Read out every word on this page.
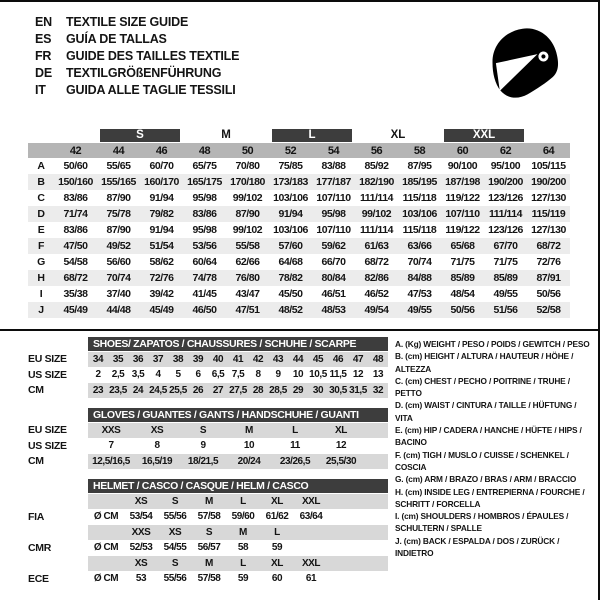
EN	TEXTILE SIZE GUIDE
ES	GUÍA DE TALLAS
FR	GUIDE DES TAILLES TEXTILE
DE	TEXTILGRÖßENFÜHRUNG
IT	GUIDA ALLE TAGLIE TESSILI

		S		M		L		XL		XXL		

	42	44	46	48	50	52	54	56	58	60	62	64
A	50/60	55/65	60/70	65/75	70/80	75/85	83/88	85/92	87/95	90/100	95/100	105/115
B	150/160	155/165	160/170	165/175	170/180	173/183	177/187	182/190	185/195	187/198	190/200	190/200
C	83/86	87/90	91/94	95/98	99/102	103/106	107/110	111/114	115/118	119/122	123/126	127/130
D	71/74	75/78	79/82	83/86	87/90	91/94	95/98	99/102	103/106	107/110	111/114	115/119
E	83/86	87/90	91/94	95/98	99/102	103/106	107/110	111/114	115/118	119/122	123/126	127/130
F	47/50	49/52	51/54	53/56	55/58	57/60	59/62	61/63	63/66	65/68	67/70	68/72
G	54/58	56/60	58/62	60/64	62/66	64/68	66/70	68/72	70/74	71/75	71/75	72/76
H	68/72	70/74	72/76	74/78	76/80	78/82	80/84	82/86	84/88	85/89	85/89	87/91
I	35/38	37/40	39/42	41/45	43/47	45/50	46/51	46/52	47/53	48/54	49/55	50/56
J	45/49	44/48	45/49	46/50	47/51	48/52	48/53	49/54	49/55	50/56	51/56	52/58

	SHOES/ ZAPATOS / CHAUSSURES / SCHUHE / SCARPE														

EU SIZE	34	35	36	37	38	39	40	41	42	43	44	45	46	47	48
US SIZE	2	2,5	3,5	4	5	6	6,5	7,5	8	9	10	10,5	11,5	12	13
CM	23	23,5	24	24,5	25,5	26	27	27,5	28	28,5	29	30	30,5	31,5	32

	GLOVES / GUANTES / GANTS / HANDSCHUHE / GUANTI						

EU SIZE	XXS	XS	S	M	L	XL	
US SIZE	7	8	9	10	11	12	
CM	12,5/16,5	16,5/19	18/21,5	20/24	23/26,5	25,5/30	

	HELMET / CASCO / CASQUE / HELM / CASCO							

		XS	S	M	L	XL	XXL	
FIA	Ø CM	53/54	55/56	57/58	59/60	61/62	63/64	
		XXS	XS	S	M	L		
CMR	Ø CM	52/53	54/55	56/57	58	59		
		XS	S	M	L	XL	XXL	
ECE	Ø CM	53	55/56	57/58	59	60	61	
A. (Kg) WEIGHT / PESO / POIDS / GEWITCH / PESO
B. (cm) HEIGHT / ALTURA / HAUTEUR / HÖHE / ALTEZZA
C. (cm) CHEST / PECHO / POITRINE / TRUHE / PETTO
D. (cm) WAIST / CINTURA / TAILLE / HÜFTUNG / VITA
E. (cm) HIP / CADERA / HANCHE / HÜFTE / HIPS / BACINO
F. (cm) TIGH / MUSLO / CUISSE / SCHENKEL / COSCIA
G. (cm) ARM / BRAZO / BRAS / ARM / BRACCIO
H. (cm) INSIDE LEG / ENTREPIERNA / FOURCHE / SCHRITT / FORCELLA
I. (cm) SHOULDERS / HOMBROS / ÉPAULES / SCHULTERN / SPALLE
J. (cm) BACK / ESPALDA / DOS / ZURÜCK / INDIETRO
